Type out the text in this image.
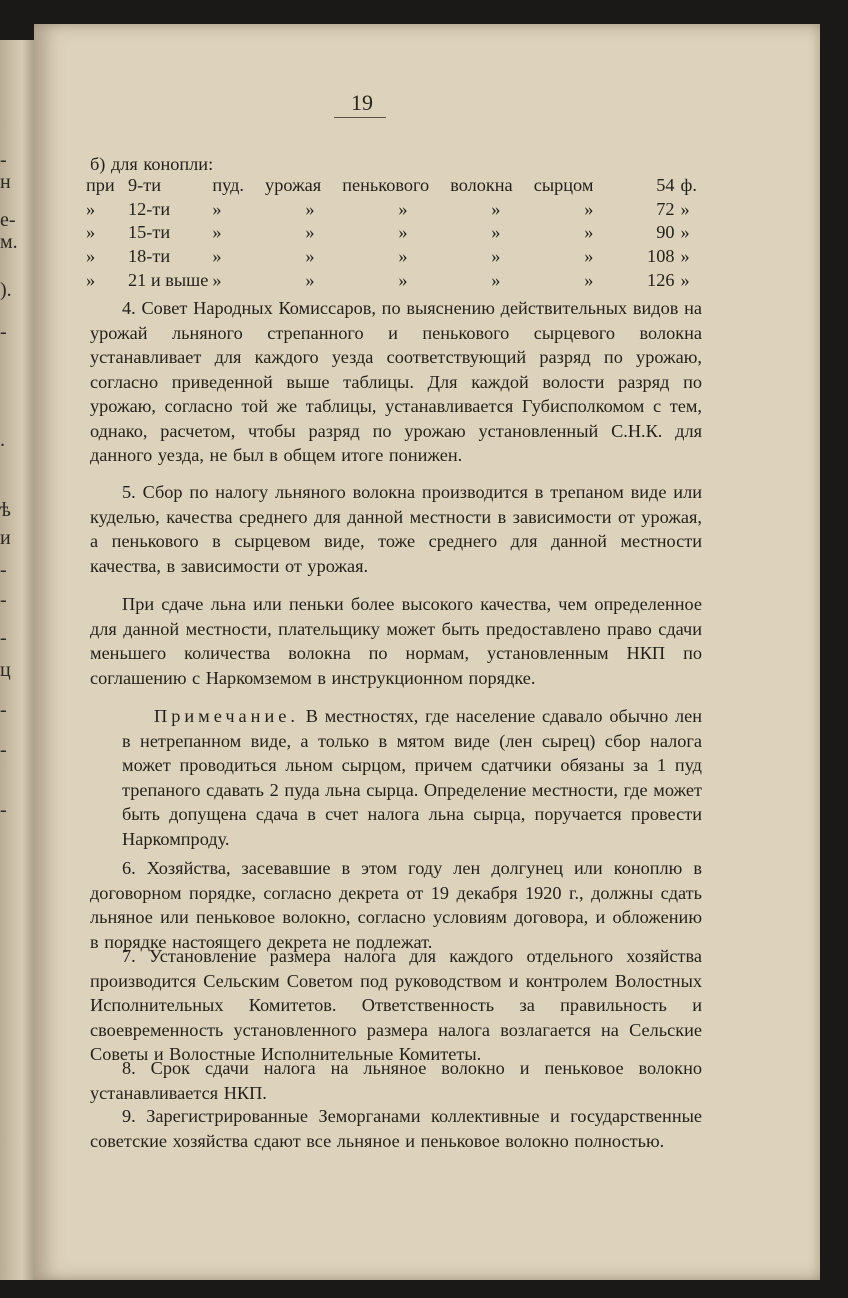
-
н
е-
м.
).
-
.
ѣ
и
-
-
-
ц
-
-
-
19
б) для конопли:
при	9-ти	пуд. урожая пенькового волокна сырцом	54	ф.
»	12-ти	» » » » »	72	»
»	15-ти	» » » » »	90	»
»	18-ти	» » » » »	108	»
»	21 и выше	» » » » »	126	»
4. Совет Народных Комиссаров, по выяснению действительных видов на урожай льняного стрепанного и пенькового сырцевого волокна устанавливает для каждого уезда соответствующий разряд по урожаю, согласно приведенной выше таблицы. Для каждой волости разряд по урожаю, согласно той же таблицы, устанавливается Губисполкомом с тем, однако, расчетом, чтобы разряд по урожаю установленный С.Н.К. для данного уезда, не был в общем итоге понижен.
5. Сбор по налогу льняного волокна производится в трепаном виде или куделью, качества среднего для данной местности в зависимости от урожая, а пенькового в сырцевом виде, тоже среднего для данной местности качества, в зависимости от урожая.
При сдаче льна или пеньки более высокого качества, чем определенное для данной местности, плательщику может быть предоставлено право сдачи меньшего количества волокна по нормам, установленным НКП по соглашению с Наркомземом в инструкционном порядке.
Примечание. В местностях, где население сдавало обычно лен в нетрепанном виде, а только в мятом виде (лен сырец) сбор налога может проводиться льном сырцом, причем сдатчики обязаны за 1 пуд трепаного сдавать 2 пуда льна сырца. Определение местности, где может быть допущена сдача в счет налога льна сырца, поручается провести Наркомпроду.
6. Хозяйства, засевавшие в этом году лен долгунец или коноплю в договорном порядке, согласно декрета от 19 декабря 1920 г., должны сдать льняное или пеньковое волокно, согласно условиям договора, и обложению в порядке настоящего декрета не подлежат.
7. Установление размера налога для каждого отдельного хозяйства производится Сельским Советом под руководством и контролем Волостных Исполнительных Комитетов. Ответственность за правильность и своевременность установленного размера налога возлагается на Сельские Советы и Волостные Исполнительные Комитеты.
8. Срок сдачи налога на льняное волокно и пеньковое волокно устанавливается НКП.
9. Зарегистрированные Земорганами коллективные и государственные советские хозяйства сдают все льняное и пеньковое волокно полностью.
